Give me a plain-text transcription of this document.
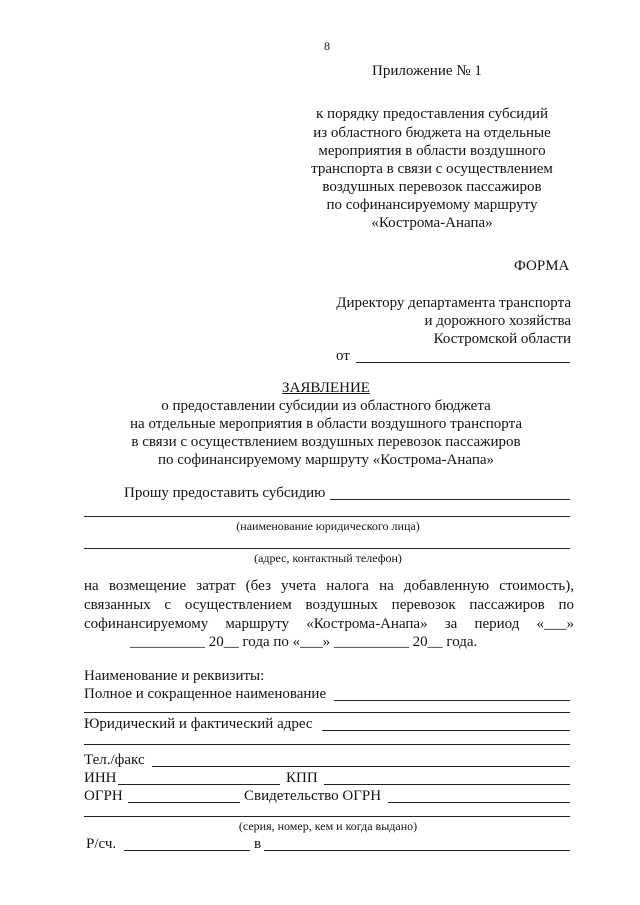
8
Приложение № 1
к порядку предоставления субсидий
из областного бюджета на отдельные
мероприятия в области воздушного
транспорта в связи с осуществлением
воздушных перевозок пассажиров
по софинансируемому маршруту
«Кострома-Анапа»
ФОРМА
Директору департамента транспорта
и дорожного хозяйства
Костромской области
от
ЗАЯВЛЕНИЕ
о предоставлении субсидии из областного бюджета
на отдельные мероприятия в области воздушного транспорта
в связи с осуществлением воздушных перевозок пассажиров
по софинансируемому маршруту «Кострома-Анапа»
Прошу предоставить субсидию
(наименование юридического лица)
(адрес, контактный телефон)
на возмещение затрат (без учета налога на добавленную стоимость),
связанных с осуществлением воздушных перевозок пассажиров по
софинансируемому маршруту «Кострома-Анапа» за период «___»
__________ 20__ года по «___» __________ 20__ года.
Наименование и реквизиты:
Полное и сокращенное наименование
Юридический и фактический адрес
Тел./факс
ИНН	КПП
ОГРН	Свидетельство ОГРН
(серия, номер, кем и когда выдано)
Р/сч.	в
